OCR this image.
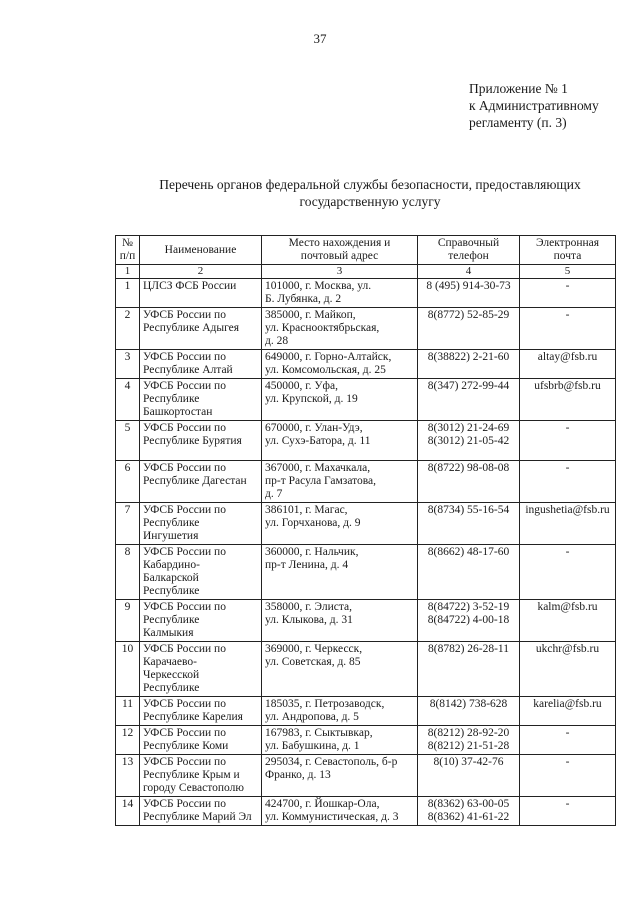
37
Приложение № 1
к Административному
регламенту (п. 3)
Перечень органов федеральной службы безопасности, предоставляющих
государственную услугу
№
п/п	Наименование	Место нахождения и
почтовый адрес	Справочный
телефон	Электронная
почта
1	2	3	4	5
1	ЦЛСЗ ФСБ России	101000, г. Москва, ул.
Б. Лубянка, д. 2	8 (495) 914-30-73	-
2	УФСБ России по
Республике Адыгея	385000, г. Майкоп,
ул. Краснооктябрьская,
д. 28	8(8772) 52-85-29	-
3	УФСБ России по
Республике Алтай	649000, г. Горно-Алтайск,
ул. Комсомольская, д. 25	8(38822) 2-21-60	altay@fsb.ru
4	УФСБ России по
Республике
Башкортостан	450000, г. Уфа,
ул. Крупской, д. 19	8(347) 272-99-44	ufsbrb@fsb.ru
5	УФСБ России по
Республике Бурятия	670000, г. Улан-Удэ,
ул. Сухэ-Батора, д. 11	8(3012) 21-24-69
8(3012) 21-05-42	-
6	УФСБ России по
Республике Дагестан	367000, г. Махачкала,
пр-т Расула Гамзатова,
д. 7	8(8722) 98-08-08	-
7	УФСБ России по
Республике
Ингушетия	386101, г. Магас,
ул. Горчханова, д. 9	8(8734) 55-16-54	ingushetia@fsb.ru
8	УФСБ России по
Кабардино-
Балкарской
Республике	360000, г. Нальчик,
пр-т Ленина, д. 4	8(8662) 48-17-60	-
9	УФСБ России по
Республике
Калмыкия	358000, г. Элиста,
ул. Клыкова, д. 31	8(84722) 3-52-19
8(84722) 4-00-18	kalm@fsb.ru
10	УФСБ России по
Карачаево-
Черкесской
Республике	369000, г. Черкесск,
ул. Советская, д. 85	8(8782) 26-28-11	ukchr@fsb.ru
11	УФСБ России по
Республике Карелия	185035, г. Петрозаводск,
ул. Андропова, д. 5	8(8142) 738-628	karelia@fsb.ru
12	УФСБ России по
Республике Коми	167983, г. Сыктывкар,
ул. Бабушкина, д. 1	8(8212) 28-92-20
8(8212) 21-51-28	-
13	УФСБ России по
Республике Крым и
городу Севастополю	295034, г. Севастополь, б-р
Франко, д. 13	8(10) 37-42-76	-
14	УФСБ России по
Республике Марий Эл	424700, г. Йошкар-Ола,
ул. Коммунистическая, д. 3	8(8362) 63-00-05
8(8362) 41-61-22	-
